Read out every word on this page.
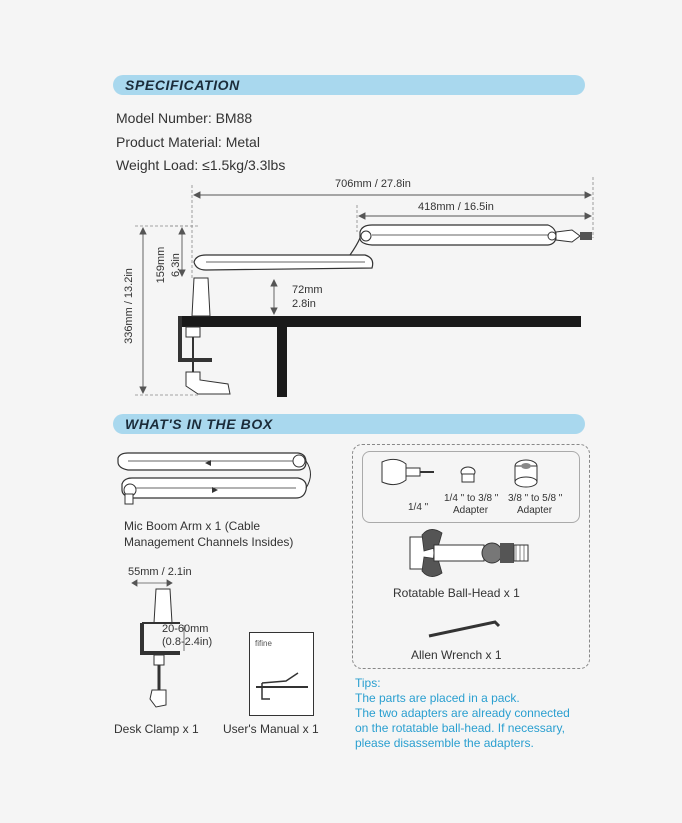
SPECIFICATION
Model Number: BM88
Product Material: Metal
Weight Load: ≤1.5kg/3.3lbs
706mm / 27.8in
418mm / 16.5in
336mm / 13.2in
159mm 6.3in
72mm
2.8in
WHAT'S IN THE BOX
Mic Boom Arm x 1 (Cable
Management Channels Insides)
55mm / 2.1in
20-60mm
(0.8-2.4in)
Desk Clamp x 1
fifine
User's Manual x 1
1/4 "
1/4 " to 3/8 "
Adapter
3/8 " to 5/8 "
Adapter
Rotatable Ball-Head x 1
Allen Wrench x 1
Tips:
The parts are placed in a pack.
The two adapters are already connected
on the rotatable ball-head. If necessary,
please disassemble the adapters.
